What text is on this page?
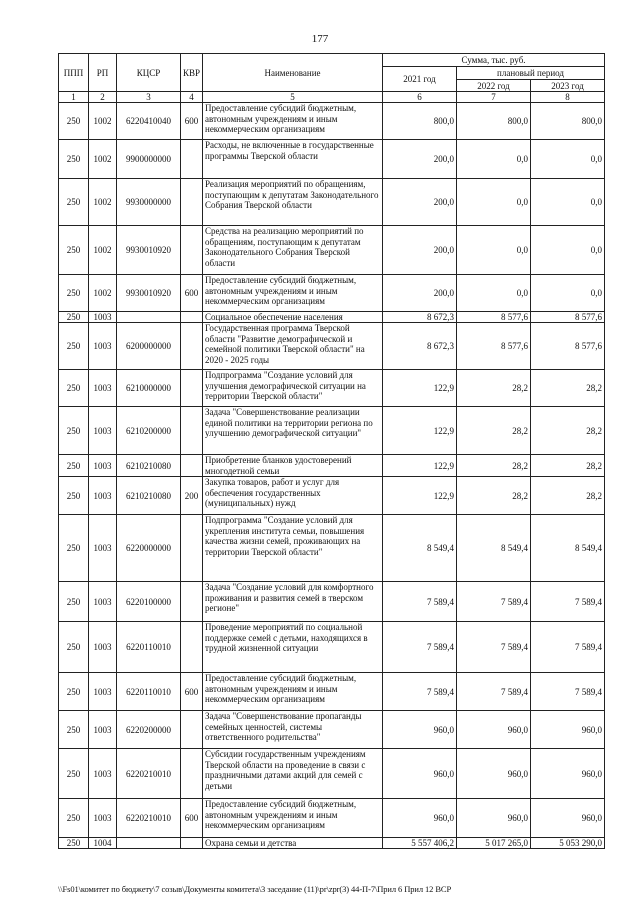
177
ППП	РП	КЦСР	КВР	Наименование	Сумма, тыс. руб.		
					2021 год	плановый период	
						2022 год	2023 год
1	2	3	4	5	6	7	8
250	1002	6220410040	600	Предоставление субсидий бюджетным, автономным учреждениям и иным некоммерческим организациям	800,0	800,0	800,0
250	1002	9900000000		Расходы, не включенные в государственные программы Тверской области	200,0	0,0	0,0
250	1002	9930000000		Реализация мероприятий по обращениям, поступающим к депутатам Законодательного Собрания Тверской области	200,0	0,0	0,0
250	1002	9930010920		Средства на реализацию мероприятий по обращениям, поступающим к депутатам Законодательного Собрания Тверской области	200,0	0,0	0,0
250	1002	9930010920	600	Предоставление субсидий бюджетным, автономным учреждениям и иным некоммерческим организациям	200,0	0,0	0,0
250	1003			Социальное обеспечение населения	8 672,3	8 577,6	8 577,6
250	1003	6200000000		Государственная программа Тверской области "Развитие демографической и семейной политики Тверской области" на 2020 - 2025 годы	8 672,3	8 577,6	8 577,6
250	1003	6210000000		Подпрограмма "Создание условий для улучшения демографической ситуации на территории Тверской области"	122,9	28,2	28,2
250	1003	6210200000		Задача "Совершенствование реализации единой политики на территории региона по улучшению демографической ситуации"	122,9	28,2	28,2
250	1003	6210210080		Приобретение бланков удостоверений многодетной семьи	122,9	28,2	28,2
250	1003	6210210080	200	Закупка товаров, работ и услуг для обеспечения государственных (муниципальных) нужд	122,9	28,2	28,2
250	1003	6220000000		Подпрограмма "Создание условий для укрепления института семьи, повышения качества жизни семей, проживающих на территории Тверской области"	8 549,4	8 549,4	8 549,4
250	1003	6220100000		Задача "Создание условий для комфортного проживания и развития семей в тверском регионе"	7 589,4	7 589,4	7 589,4
250	1003	6220110010		Проведение мероприятий по социальной поддержке семей с детьми, находящихся в трудной жизненной ситуации	7 589,4	7 589,4	7 589,4
250	1003	6220110010	600	Предоставление субсидий бюджетным, автономным учреждениям и иным некоммерческим организациям	7 589,4	7 589,4	7 589,4
250	1003	6220200000		Задача "Совершенствование пропаганды семейных ценностей, системы ответственного родительства"	960,0	960,0	960,0
250	1003	6220210010		Субсидии государственным учреждениям Тверской области на проведение в связи с праздничными датами акций для семей с детьми	960,0	960,0	960,0
250	1003	6220210010	600	Предоставление субсидий бюджетным, автономным учреждениям и иным некоммерческим организациям	960,0	960,0	960,0
250	1004			Охрана семьи и детства	5 557 406,2	5 017 265,0	5 053 290,0
\\Fs01\комитет по бюджету\7 созыв\Документы комитета\3 заседание (11)\pr\zpr(3) 44-П-7\Прил 6 Прил 12 ВСР
